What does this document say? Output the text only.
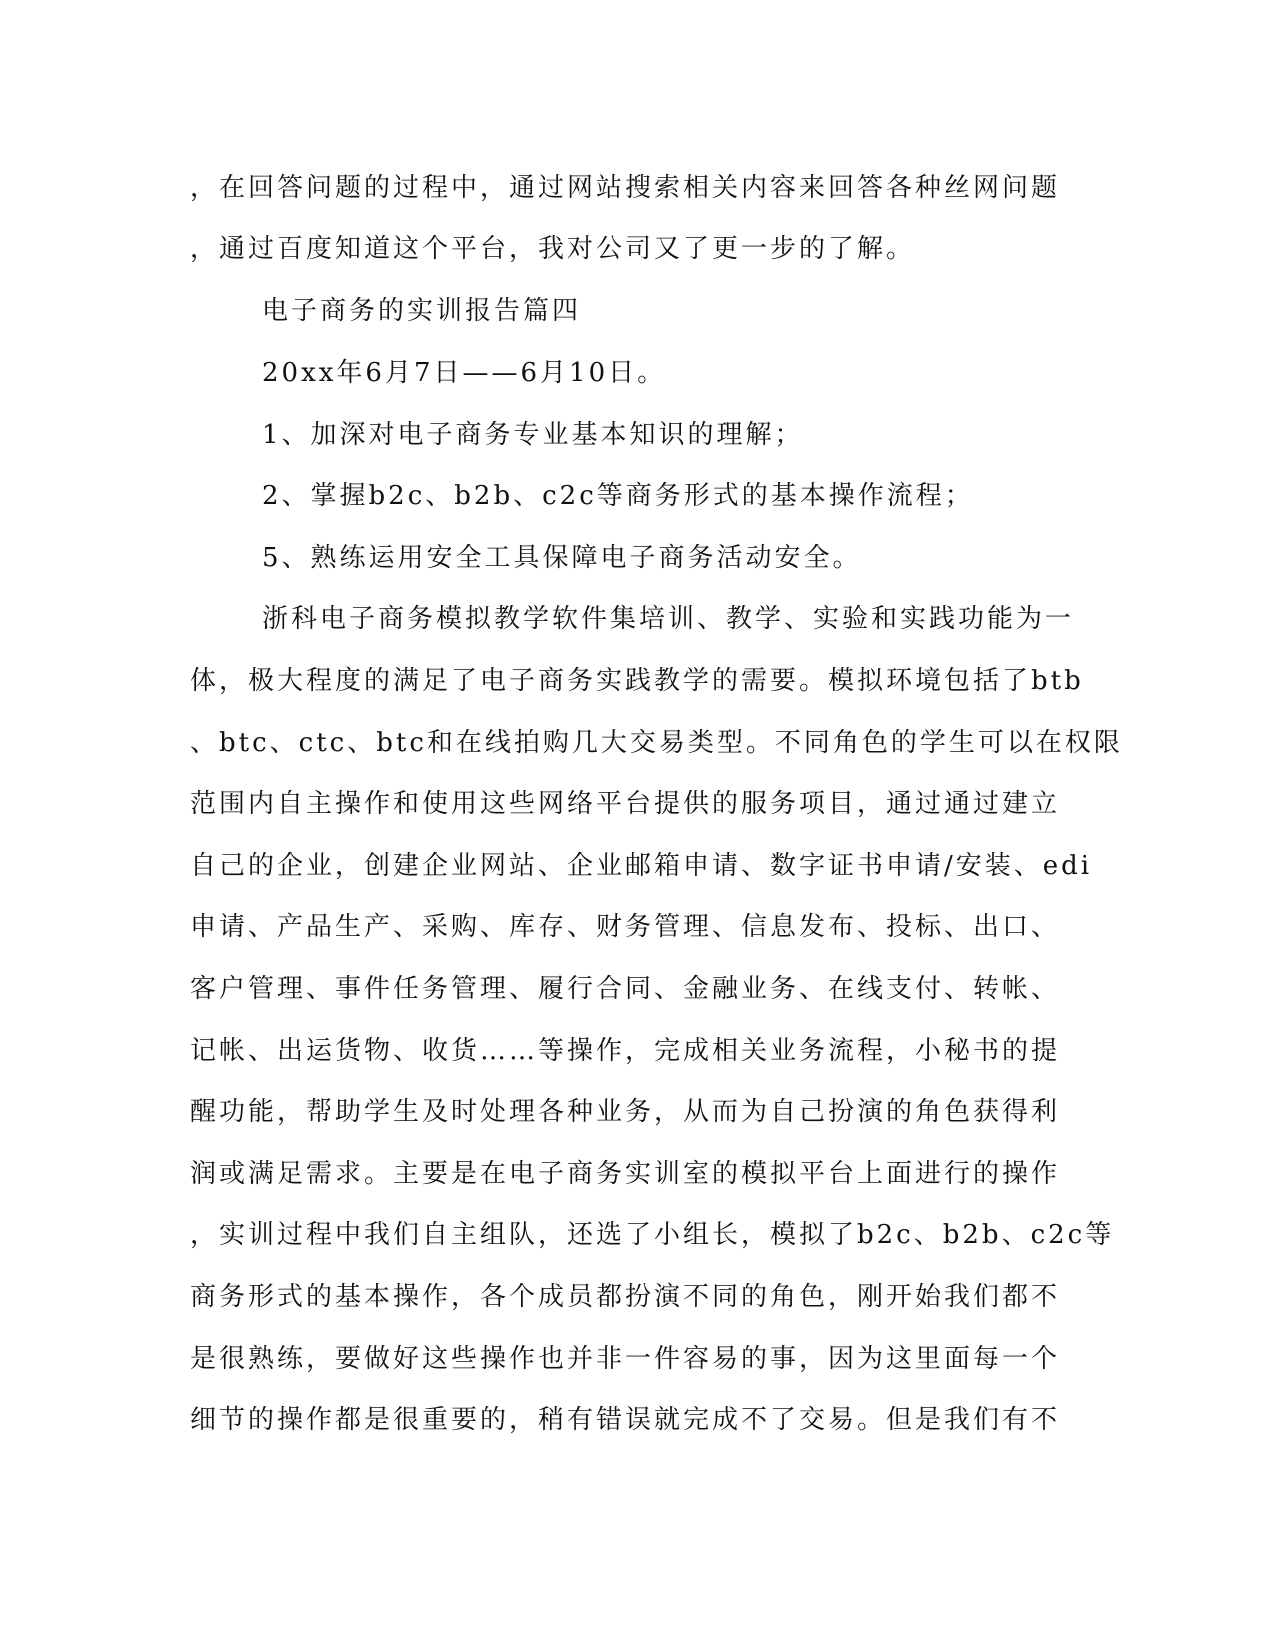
，在回答问题的过程中，通过网站搜索相关内容来回答各种丝网问题
，通过百度知道这个平台，我对公司又了更一步的了解。
电子商务的实训报告篇四
20xx年6月7日——6月10日。
1、加深对电子商务专业基本知识的理解；
2、掌握b2c、b2b、c2c等商务形式的基本操作流程；
5、熟练运用安全工具保障电子商务活动安全。
浙科电子商务模拟教学软件集培训、教学、实验和实践功能为一
体，极大程度的满足了电子商务实践教学的需要。模拟环境包括了btb
、btc、ctc、btc和在线拍购几大交易类型。不同角色的学生可以在权限
范围内自主操作和使用这些网络平台提供的服务项目，通过通过建立
自己的企业，创建企业网站、企业邮箱申请、数字证书申请/安装、edi
申请、产品生产、采购、库存、财务管理、信息发布、投标、出口、
客户管理、事件任务管理、履行合同、金融业务、在线支付、转帐、
记帐、出运货物、收货……等操作，完成相关业务流程，小秘书的提
醒功能，帮助学生及时处理各种业务，从而为自己扮演的角色获得利
润或满足需求。主要是在电子商务实训室的模拟平台上面进行的操作
，实训过程中我们自主组队，还选了小组长，模拟了b2c、b2b、c2c等
商务形式的基本操作，各个成员都扮演不同的角色，刚开始我们都不
是很熟练，要做好这些操作也并非一件容易的事，因为这里面每一个
细节的操作都是很重要的，稍有错误就完成不了交易。但是我们有不
